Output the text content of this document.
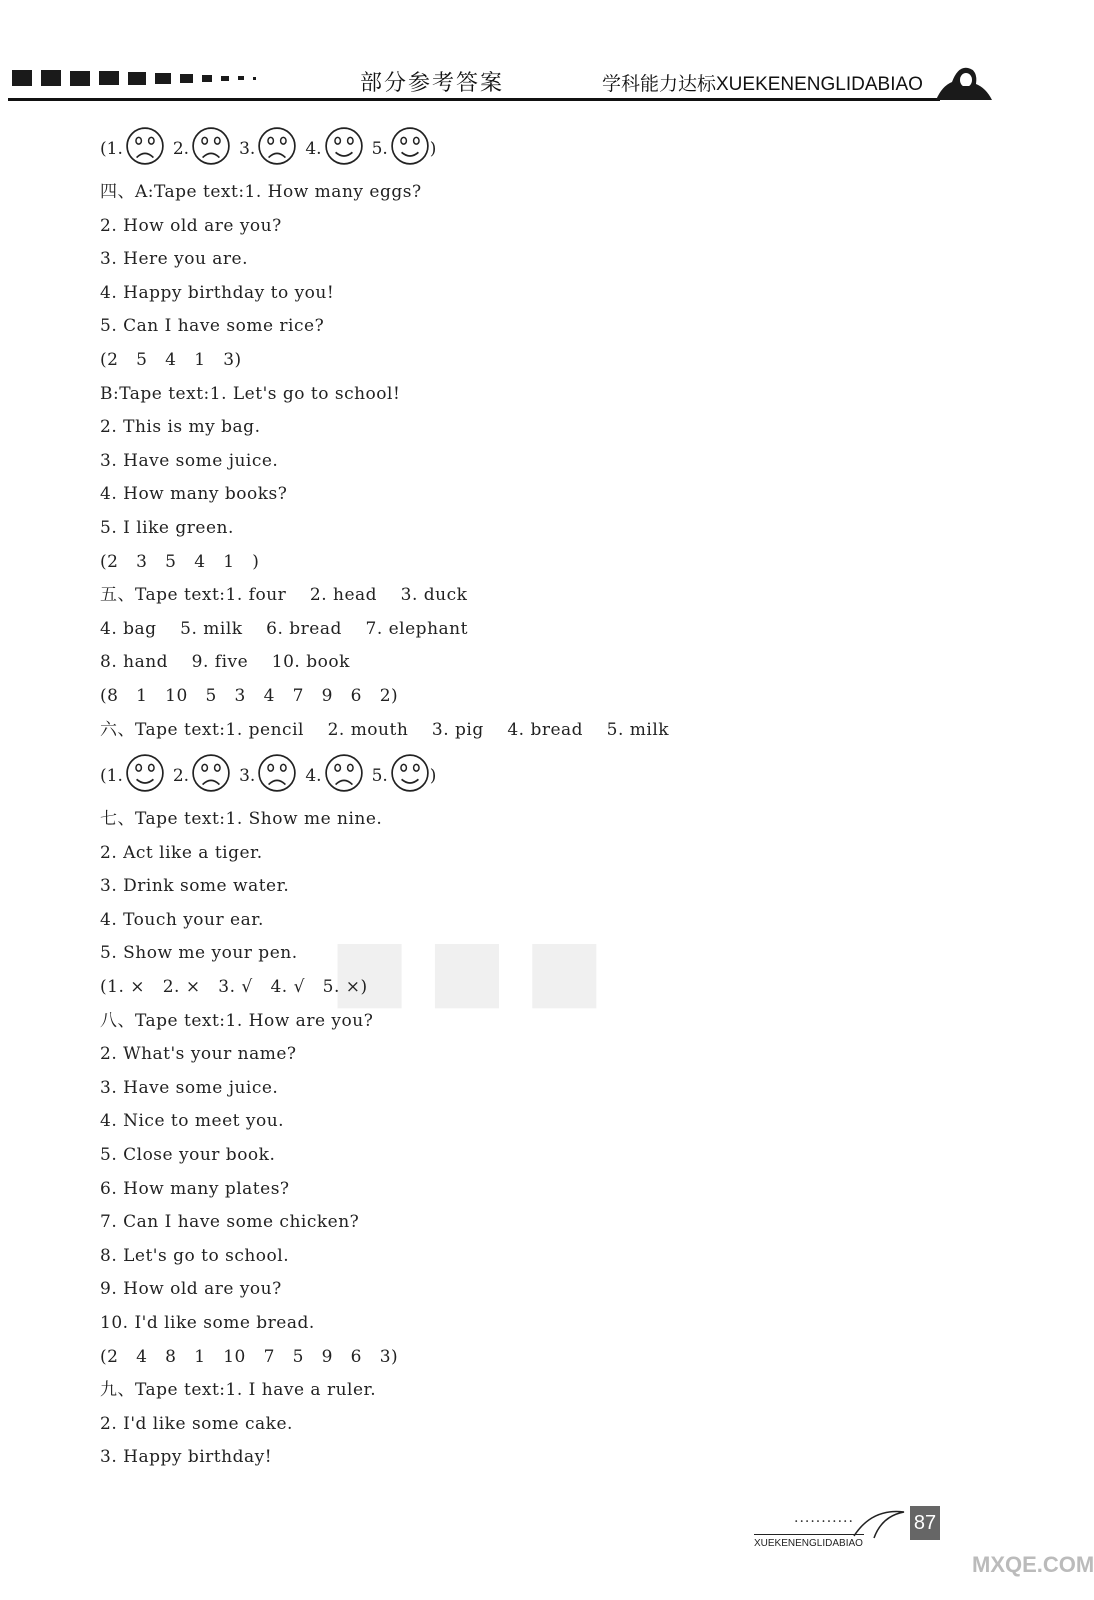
部分参考答案	学科能力达标XUEKENENGLIDABIAO
■■■
(1.	2.	3.	4.	5. )
四、A:Tape text:1. How many eggs?
2. How old are you?
3. Here you are.
4. Happy birthday to you!
5. Can I have some rice?
(2   5   4   1   3)
B:Tape text:1. Let's go to school!
2. This is my bag.
3. Have some juice.
4. How many books?
5. I like green.
(2   3   5   4   1   )
五、Tape text:1. four    2. head    3. duck
4. bag    5. milk    6. bread    7. elephant
8. hand    9. five    10. book
(8   1   10   5   3   4   7   9   6   2)
六、Tape text:1. pencil    2. mouth    3. pig    4. bread    5. milk
(1.	2.	3.	4.	5. )
七、Tape text:1. Show me nine.
2. Act like a tiger.
3. Drink some water.
4. Touch your ear.
5. Show me your pen.
(1. ×   2. ×   3. √   4. √   5. ×)
八、Tape text:1. How are you?
2. What's your name?
3. Have some juice.
4. Nice to meet you.
5. Close your book.
6. How many plates?
7. Can I have some chicken?
8. Let's go to school.
9. How old are you?
10. I'd like some bread.
(2   4   8   1   10   7   5   9   6   3)
九、Tape text:1. I have a ruler.
2. I'd like some cake.
3. Happy birthday!
...........
XUEKENENGLIDABIAO
87
MXQE.COM
